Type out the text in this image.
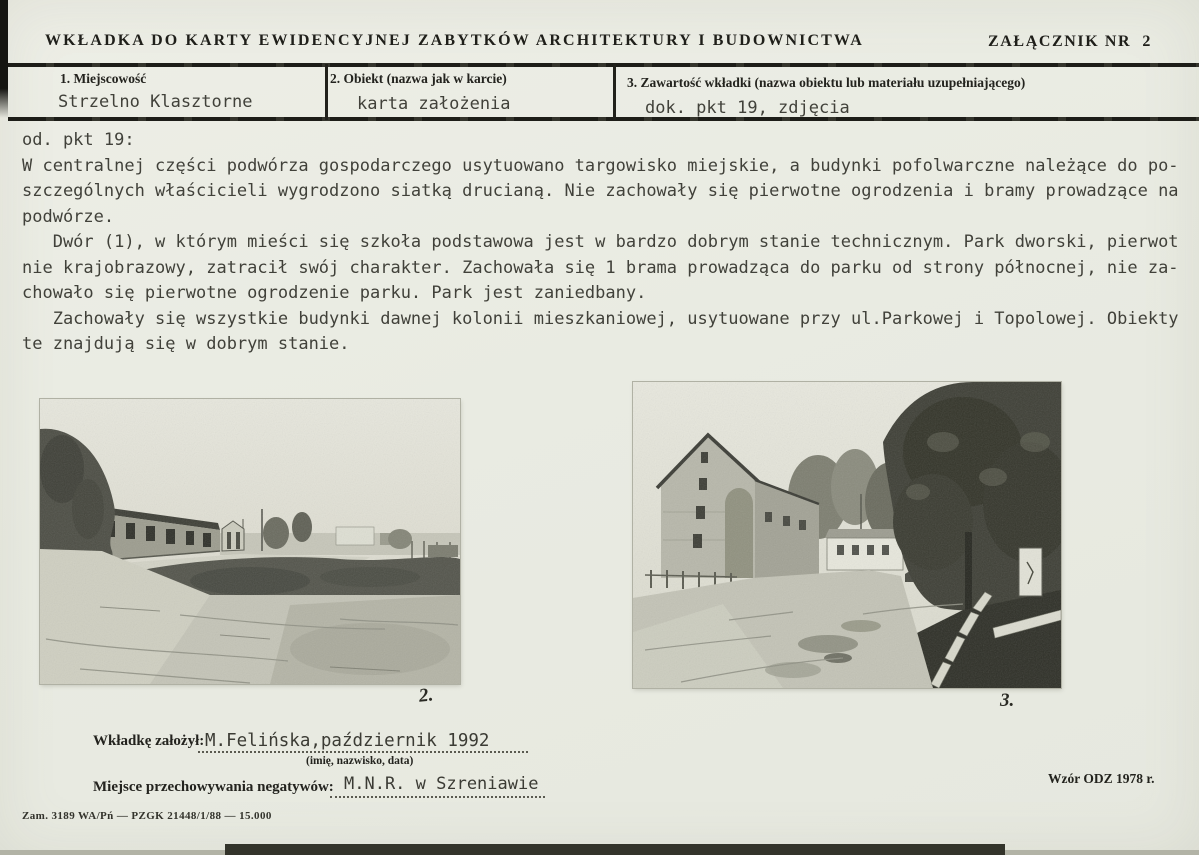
WKŁADKA DO KARTY EWIDENCYJNEJ ZABYTKÓW ARCHITEKTURY I BUDOWNICTWA	ZAŁĄCZNIK NR  2
1. Miejscowość
Strzelno Klasztorne
2. Obiekt (nazwa jak w karcie)
karta założenia
3. Zawartość wkładki (nazwa obiektu lub materiału uzupełniającego)
dok. pkt 19, zdjęcia
od. pkt 19:
W centralnej części podwórza gospodarczego usytuowano targowisko miejskie, a budynki pofolwarczne należące do po-
szczególnych właścicieli wygrodzono siatką drucianą. Nie zachowały się pierwotne ogrodzenia i bramy prowadzące na
podwórze.
Dwór (1), w którym mieści się szkoła podstawowa jest w bardzo dobrym stanie technicznym. Park dworski, pierwot
nie krajobrazowy, zatracił swój charakter. Zachowała się 1 brama prowadząca do parku od strony północnej, nie za-
chowało się pierwotne ogrodzenie parku. Park jest zaniedbany.
Zachowały się wszystkie budynki dawnej kolonii mieszkaniowej, usytuowane przy ul.Parkowej i Topolowej. Obiekty
te znajdują się w dobrym stanie.
2.	3.
Wkładkę założył: M.Felińska,październik 1992
(imię, nazwisko, data)
Miejsce przechowywania negatywów: M.N.R. w Szreniawie	Wzór ODZ 1978 r.
Zam. 3189 WA/Pń — PZGK 21448/1/88 — 15.000
